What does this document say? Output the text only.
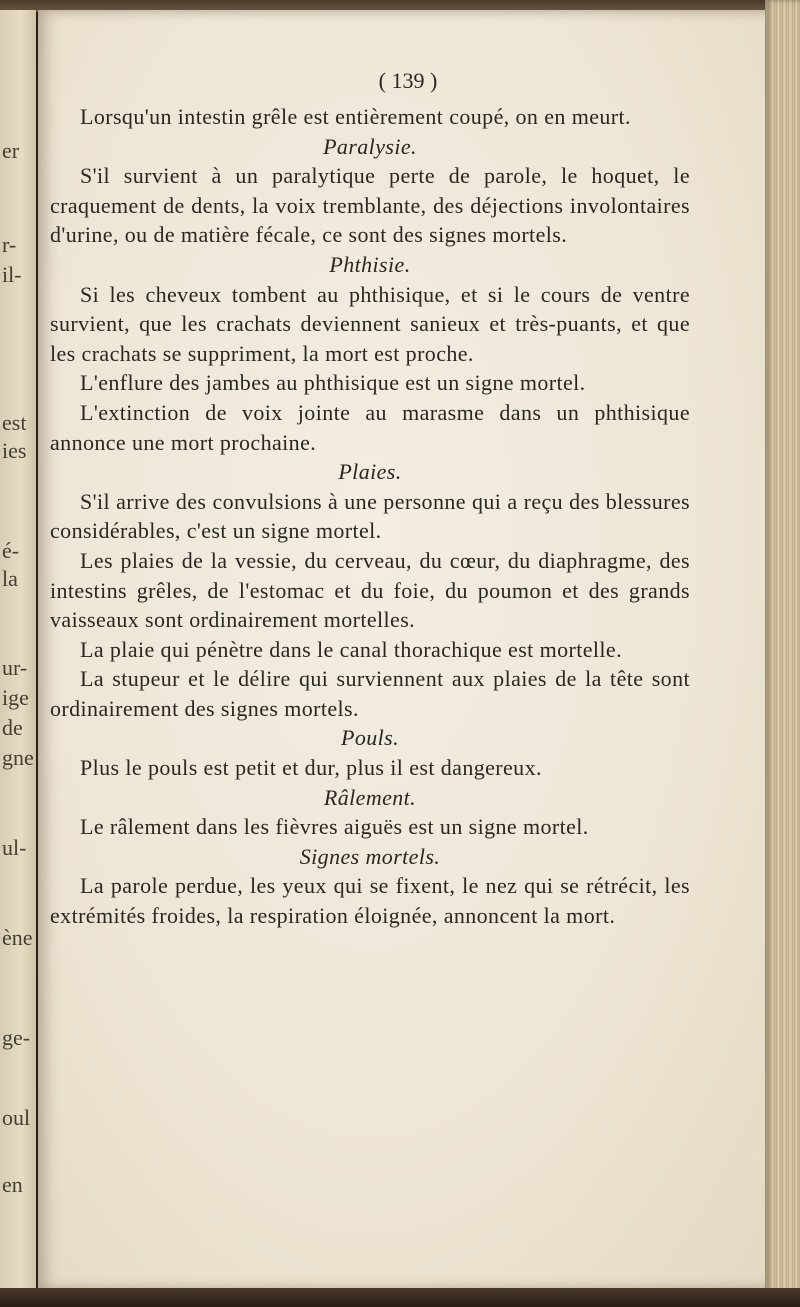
er
r-
il-
est
ies
é-
la
ur-
ige
de
gne
ul-
ène
ge-
oul
en
( 139 )

Lorsqu'un intestin grêle est entièrement coupé, on en meurt.

Paralysie.

S'il survient à un paralytique perte de parole, le hoquet, le craquement de dents, la voix tremblante, des déjections involontaires d'urine, ou de matière fécale, ce sont des signes mortels.

Phthisie.

Si les cheveux tombent au phthisique, et si le cours de ventre survient, que les crachats deviennent sanieux et très-puants, et que les crachats se suppriment, la mort est proche.

L'enflure des jambes au phthisique est un signe mortel.

L'extinction de voix jointe au marasme dans un phthisique annonce une mort prochaine.

Plaies.

S'il arrive des convulsions à une personne qui a reçu des blessures considérables, c'est un signe mortel.

Les plaies de la vessie, du cerveau, du cœur, du diaphragme, des intestins grêles, de l'estomac et du foie, du poumon et des grands vaisseaux sont ordinairement mortelles.

La plaie qui pénètre dans le canal thorachique est mortelle.

La stupeur et le délire qui surviennent aux plaies de la tête sont ordinairement des signes mortels.

Pouls.

Plus le pouls est petit et dur, plus il est dangereux.

Râlement.

Le râlement dans les fièvres aiguës est un signe mortel.

Signes mortels.

La parole perdue, les yeux qui se fixent, le nez qui se rétrécit, les extrémités froides, la respiration éloignée, annoncent la mort.
